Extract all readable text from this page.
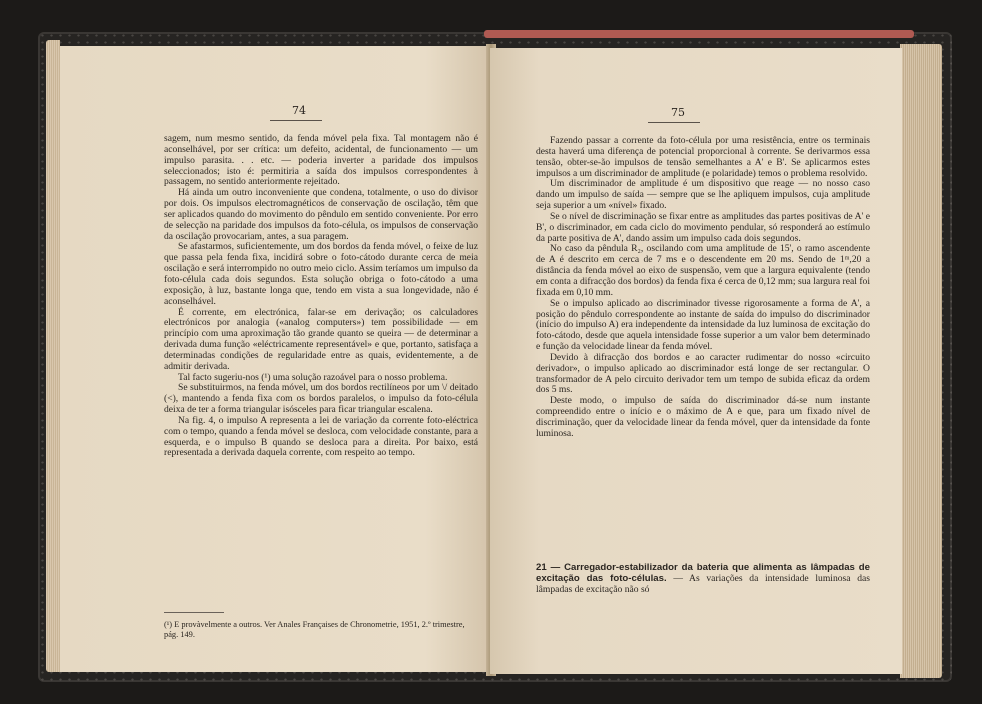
74

sagem, num mesmo sentido, da fenda móvel pela fixa. Tal montagem não é aconselhável, por ser crítica: um defeito, acidental, de funcionamento — um impulso parasita. . . etc. — poderia inverter a paridade dos impulsos seleccionados; isto é: permitiria a saída dos impulsos correspondentes à passagem, no sentido anteriormente rejeitado.

Há ainda um outro inconveniente que condena, totalmente, o uso do divisor por dois. Os impulsos electromagnéticos de conservação de oscilação, têm que ser aplicados quando do movimento do pêndulo em sentido conveniente. Por erro de selecção na paridade dos impulsos da foto-célula, os impulsos de conservação da oscilação provocariam, antes, a sua paragem.

Se afastarmos, suficientemente, um dos bordos da fenda móvel, o feixe de luz que passa pela fenda fixa, incidirá sobre o foto-cátodo durante cerca de meia oscilação e será interrompido no outro meio ciclo. Assim teríamos um impulso da foto-célula cada dois segundos. Esta solução obriga o foto-cátodo a uma exposição, à luz, bastante longa que, tendo em vista a sua longevidade, não é aconselhável.

É corrente, em electrónica, falar-se em derivação; os calculadores electrónicos por analogia («analog computers») tem possibilidade — em princípio com uma aproximação tão grande quanto se queira — de determinar a derivada duma função «eléctricamente representável» e que, portanto, satisfaça a determinadas condições de regularidade entre as quais, evidentemente, a de admitir derivada.

Tal facto sugeriu-nos (¹) uma solução razoável para o nosso problema.

Se substituirmos, na fenda móvel, um dos bordos rectilíneos por um \/ deitado (<), mantendo a fenda fixa com os bordos paralelos, o impulso da foto-célula deixa de ter a forma triangular isósceles para ficar triangular escalena.

Na fig. 4, o impulso A representa a lei de variação da corrente foto-eléctrica com o tempo, quando a fenda móvel se desloca, com velocidade constante, para a esquerda, e o impulso B quando se desloca para a direita. Por baixo, está representada a derivada daquela corrente, com respeito ao tempo.

(¹) E provàvelmente a outros. Ver Anales Françaises de Chronometrie, 1951, 2.º trimestre, pág. 149.
75

Fazendo passar a corrente da foto-célula por uma resistência, entre os terminais desta haverá uma diferença de potencial proporcional à corrente. Se derivarmos essa tensão, obter-se-ão impulsos de tensão semelhantes a A' e B'. Se aplicarmos estes impulsos a um discriminador de amplitude (e polaridade) temos o problema resolvido.

Um discriminador de amplitude é um dispositivo que reage — no nosso caso dando um impulso de saída — sempre que se lhe apliquem impulsos, cuja amplitude seja superior a um «nível» fixado.

Se o nível de discriminação se fixar entre as amplitudes das partes positivas de A' e B', o discriminador, em cada ciclo do movimento pendular, só responderá ao estímulo da parte positiva de A', dando assim um impulso cada dois segundos.

No caso da pêndula R₂, oscilando com uma amplitude de 15', o ramo ascendente de A é descrito em cerca de 7 ms e o descendente em 20 ms. Sendo de 1ᵐ,20 a distância da fenda móvel ao eixo de suspensão, vem que a largura equivalente (tendo em conta a difracção dos bordos) da fenda fixa é cerca de 0,12 mm; sua largura real foi fixada em 0,10 mm.

Se o impulso aplicado ao discriminador tivesse rigorosamente a forma de A', a posição do pêndulo correspondente ao instante de saída do impulso do discriminador (início do impulso A) era independente da intensidade da luz luminosa de excitação do foto-cátodo, desde que aquela intensidade fosse superior a um valor bem determinado e função da velocidade linear da fenda móvel.

Devido à difracção dos bordos e ao caracter rudimentar do nosso «circuito derivador», o impulso aplicado ao discriminador está longe de ser rectangular. O transformador de A pelo circuito derivador tem um tempo de subida eficaz da ordem dos 5 ms.

Deste modo, o impulso de saída do discriminador dá-se num instante compreendido entre o início e o máximo de A e que, para um fixado nível de discriminação, quer da velocidade linear da fenda móvel, quer da intensidade da fonte luminosa.

21 — Carregador-estabilizador da bateria que alimenta as lâmpadas de excitação das foto-células. — As variações da intensidade luminosa das lâmpadas de excitação não só
